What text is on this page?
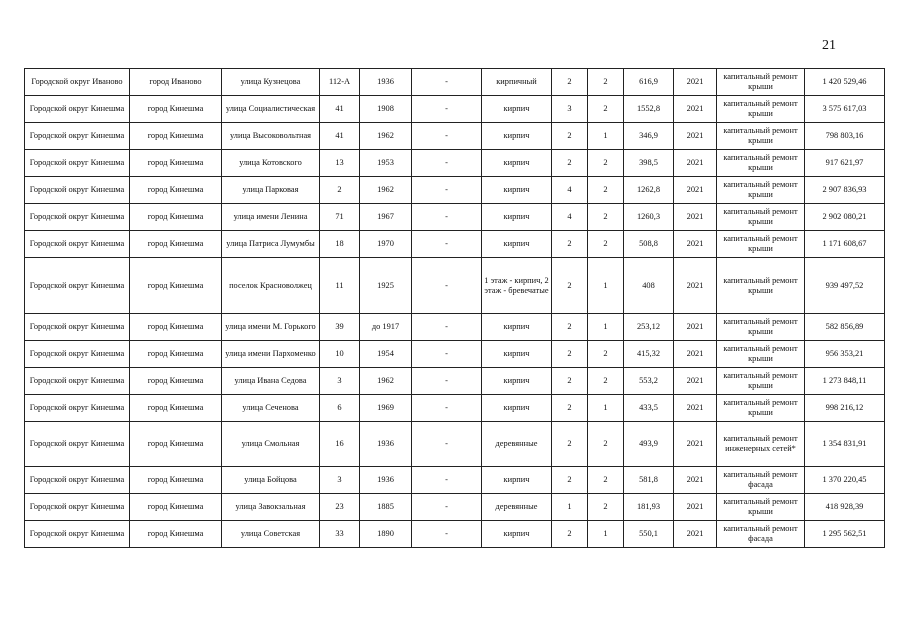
21
Городской округ Иваново	город Иваново	улица Кузнецова	112-А	1936	-	кирпичный	2	2	616,9	2021	капитальный ремонт крыши	1 420 529,46
Городской округ Кинешма	город Кинешма	улица Социалистическая	41	1908	-	кирпич	3	2	1552,8	2021	капитальный ремонт крыши	3 575 617,03
Городской округ Кинешма	город Кинешма	улица Высоковольтная	41	1962	-	кирпич	2	1	346,9	2021	капитальный ремонт крыши	798 803,16
Городской округ Кинешма	город Кинешма	улица Котовского	13	1953	-	кирпич	2	2	398,5	2021	капитальный ремонт крыши	917 621,97
Городской округ Кинешма	город Кинешма	улица Парковая	2	1962	-	кирпич	4	2	1262,8	2021	капитальный ремонт крыши	2 907 836,93
Городской округ Кинешма	город Кинешма	улица имени Ленина	71	1967	-	кирпич	4	2	1260,3	2021	капитальный ремонт крыши	2 902 080,21
Городской округ Кинешма	город Кинешма	улица Патриса Лумумбы	18	1970	-	кирпич	2	2	508,8	2021	капитальный ремонт крыши	1 171 608,67
Городской округ Кинешма	город Кинешма	поселок Красноволжец	11	1925	-	1 этаж - кирпич, 2 этаж - бревечатые	2	1	408	2021	капитальный ремонт крыши	939 497,52
Городской округ Кинешма	город Кинешма	улица имени М. Горького	39	до 1917	-	кирпич	2	1	253,12	2021	капитальный ремонт крыши	582 856,89
Городской округ Кинешма	город Кинешма	улица имени Пархоменко	10	1954	-	кирпич	2	2	415,32	2021	капитальный ремонт крыши	956 353,21
Городской округ Кинешма	город Кинешма	улица Ивана Седова	3	1962	-	кирпич	2	2	553,2	2021	капитальный ремонт крыши	1 273 848,11
Городской округ Кинешма	город Кинешма	улица Сеченова	6	1969	-	кирпич	2	1	433,5	2021	капитальный ремонт крыши	998 216,12
Городской округ Кинешма	город Кинешма	улица Смольная	16	1936	-	деревянные	2	2	493,9	2021	капитальный ремонт инженерных сетей*	1 354 831,91
Городской округ Кинешма	город Кинешма	улица Бойцова	3	1936	-	кирпич	2	2	581,8	2021	капитальный ремонт фасада	1 370 220,45
Городской округ Кинешма	город Кинешма	улица Завокзальная	23	1885	-	деревянные	1	2	181,93	2021	капитальный ремонт крыши	418 928,39
Городской округ Кинешма	город Кинешма	улица Советская	33	1890	-	кирпич	2	1	550,1	2021	капитальный ремонт фасада	1 295 562,51
